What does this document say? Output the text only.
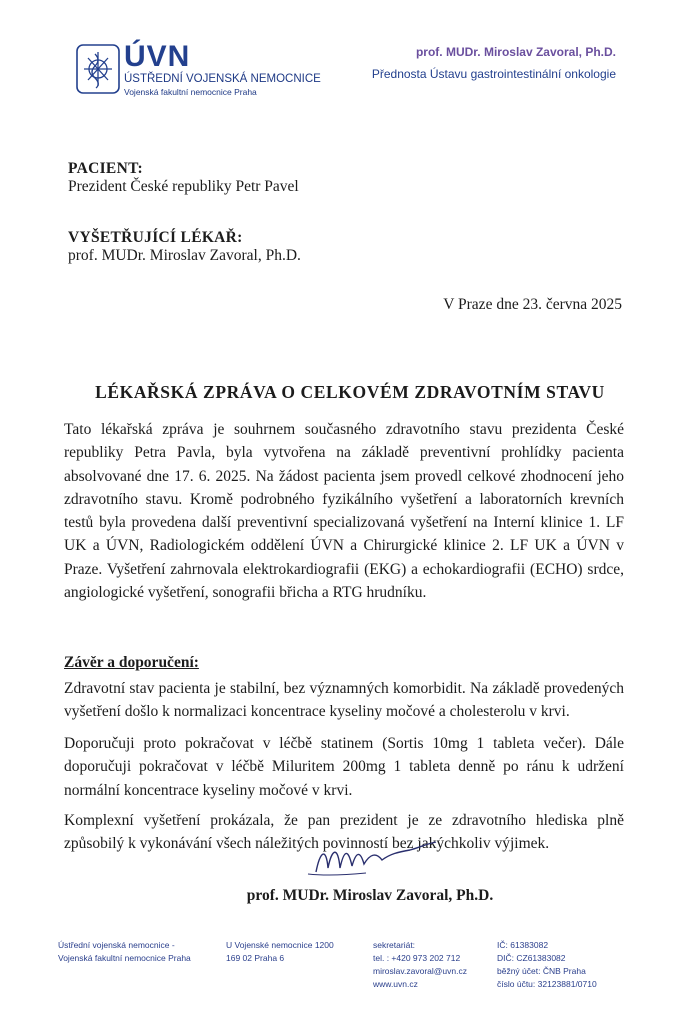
ÚVN
ÚSTŘEDNÍ VOJENSKÁ NEMOCNICE
Vojenská fakultní nemocnice Praha
prof. MUDr. Miroslav Zavoral, Ph.D.
Přednosta Ústavu gastrointestinální onkologie
PACIENT:
Prezident České republiky Petr Pavel
VYŠETŘUJÍCÍ LÉKAŘ:
prof. MUDr. Miroslav Zavoral, Ph.D.
V Praze dne 23. června 2025
LÉKAŘSKÁ ZPRÁVA O CELKOVÉM ZDRAVOTNÍM STAVU

Tato lékařská zpráva je souhrnem současného zdravotního stavu prezidenta České republiky Petra Pavla, byla vytvořena na základě preventivní prohlídky pacienta absolvované dne 17. 6. 2025. Na žádost pacienta jsem provedl celkové zhodnocení jeho zdravotního stavu. Kromě podrobného fyzikálního vyšetření a laboratorních krevních testů byla provedena další preventivní specializovaná vyšetření na Interní klinice 1. LF UK a ÚVN, Radiologickém oddělení ÚVN a Chirurgické klinice 2. LF UK a ÚVN v Praze. Vyšetření zahrnovala elektrokardiografii (EKG) a echokardiografii (ECHO) srdce, angiologické vyšetření, sonografii břicha a RTG hrudníku.

Závěr a doporučení:

Zdravotní stav pacienta je stabilní, bez významných komorbidit. Na základě provedených vyšetření došlo k normalizaci koncentrace kyseliny močové a cholesterolu v krvi.

Doporučuji proto pokračovat v léčbě statinem (Sortis 10mg 1 tableta večer). Dále doporučuji pokračovat v léčbě Miluritem 200mg 1 tableta denně po ránu k udržení normální koncentrace kyseliny močové v krvi.

Komplexní vyšetření prokázala, že pan prezident je ze zdravotního hlediska plně způsobilý k vykonávání všech náležitých povinností bez jakýchkoliv výjimek.

prof. MUDr. Miroslav Zavoral, Ph.D.
Ústřední vojenská nemocnice -
Vojenská fakultní nemocnice Praha
U Vojenské nemocnice 1200
169 02 Praha 6
sekretariát:
tel. : +420 973 202 712
miroslav.zavoral@uvn.cz
www.uvn.cz
IČ: 61383082
DIČ: CZ61383082
běžný účet: ČNB Praha
číslo účtu: 32123881/0710
